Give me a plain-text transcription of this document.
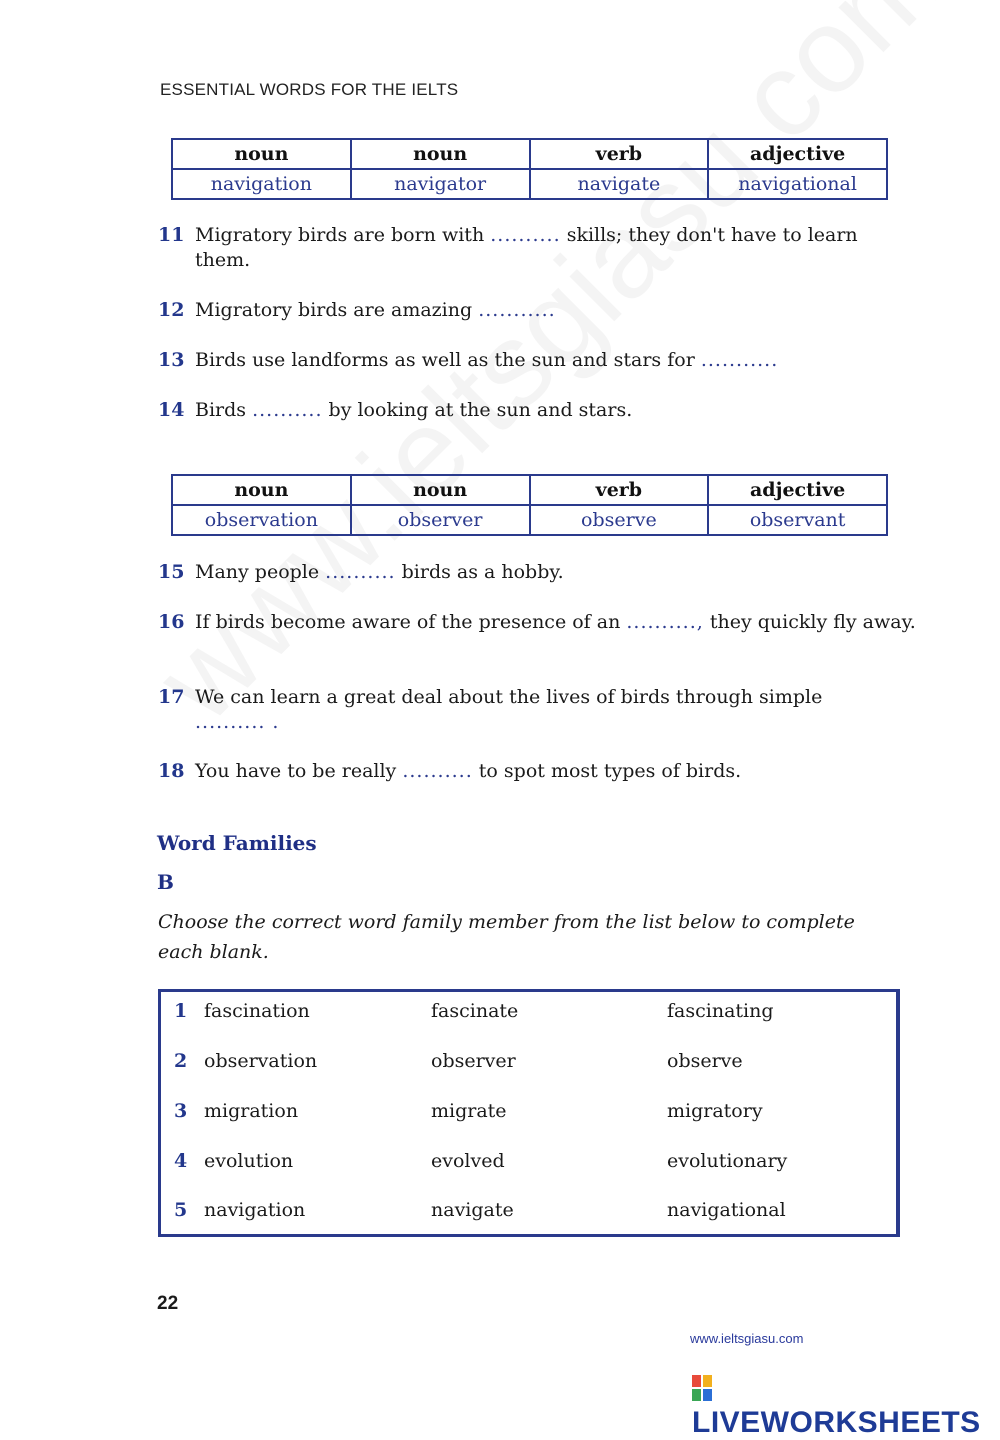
ESSENTIAL WORDS FOR THE IELTS
noun	noun	verb	adjective
navigation	navigator	navigate	navigational
11 Migratory birds are born with .......... skills; they don't have to learn them.
12 Migratory birds are amazing ...........
13 Birds use landforms as well as the sun and stars for ...........
14 Birds .......... by looking at the sun and stars.
noun	noun	verb	adjective
observation	observer	observe	observant
15 Many people .......... birds as a hobby.
16 If birds become aware of the presence of an .........., they quickly fly away.
17 We can learn a great deal about the lives of birds through simple
.......... .
18 You have to be really .......... to spot most types of birds.
Word Families
B
Choose the correct word family member from the list below to complete each blank.
1 fascination	fascinate	fascinating
2 observation	observer	observe
3 migration	migrate	migratory
4 evolution	evolved	evolutionary
5 navigation	navigate	navigational
22
www.ieltsgiasu.com
LIVEWORKSHEETS
